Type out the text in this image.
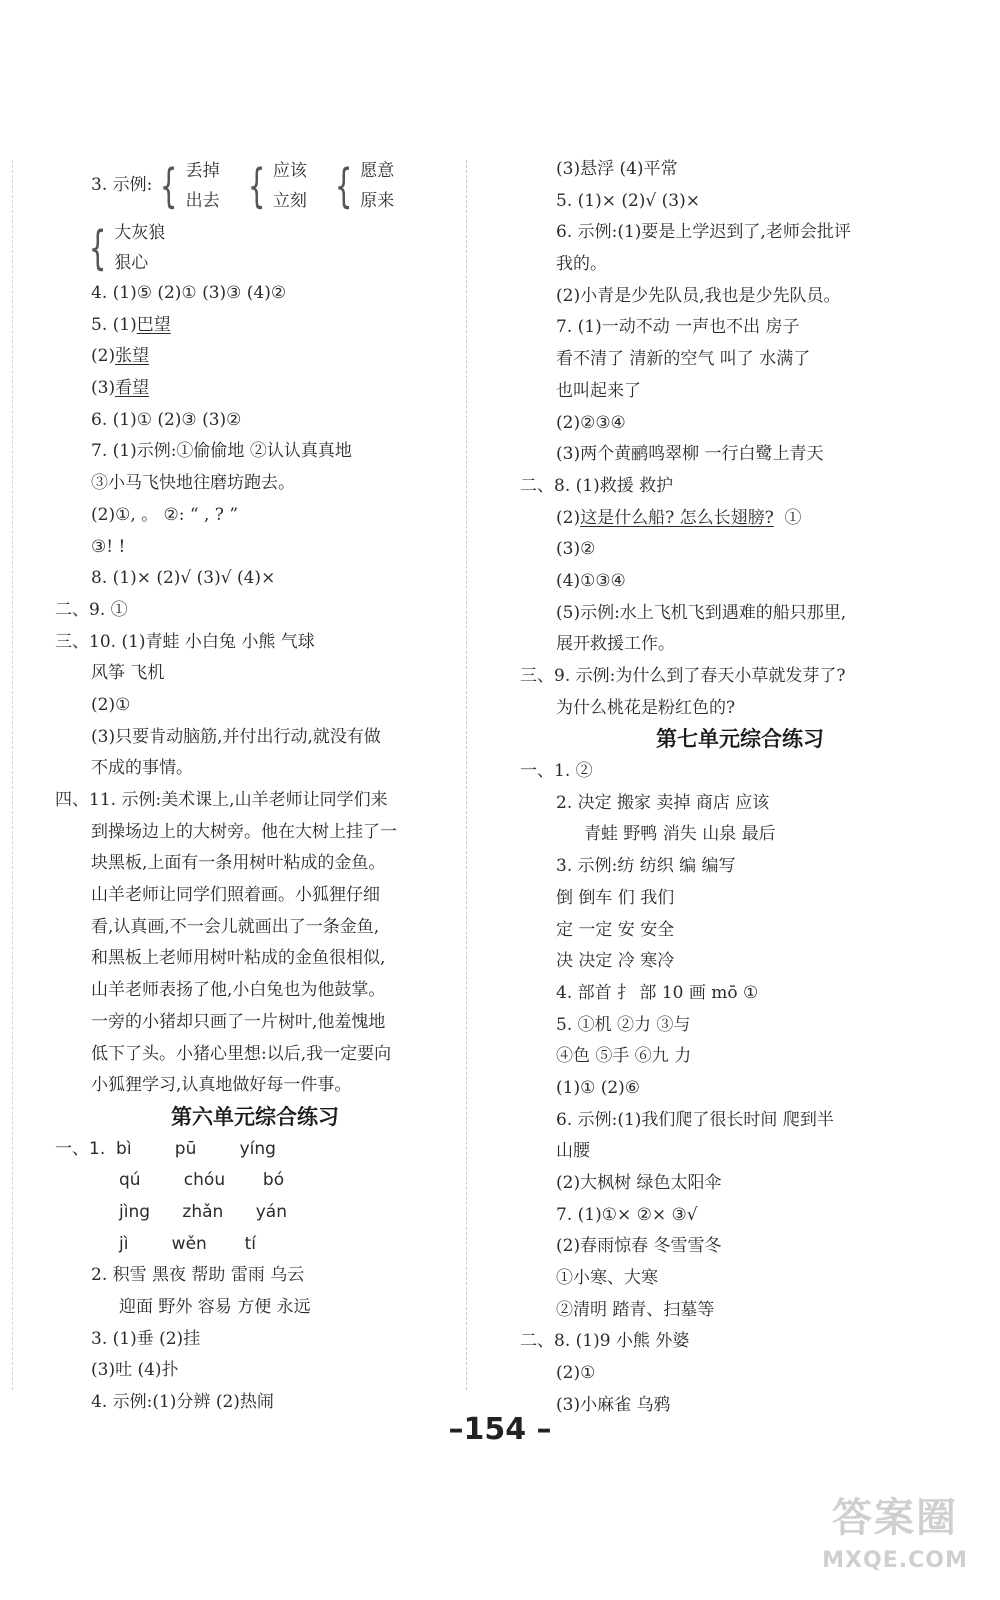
3. 示例: { 丢掉
出去 { 应该
立刻 { 愿意
原来
{ 大灰狼
狠心
4. (1)⑤ (2)① (3)③ (4)②
5. (1)巴望
(2)张望
(3)看望
6. (1)① (2)③ (3)②
7. (1)示例:①偷偷地 ②认认真真地
③小马飞快地往磨坊跑去。
(2)①, 。 ②: “ , ? ”
③! !
8. (1)× (2)√ (3)√ (4)×
二、9. ①
三、10. (1)青蛙 小白兔 小熊 气球
风筝 飞机
(2)①
(3)只要肯动脑筋,并付出行动,就没有做
不成的事情。
四、11. 示例:美术课上,山羊老师让同学们来
到操场边上的大树旁。他在大树上挂了一
块黑板,上面有一条用树叶粘成的金鱼。
山羊老师让同学们照着画。小狐狸仔细
看,认真画,不一会儿就画出了一条金鱼,
和黑板上老师用树叶粘成的金鱼很相似,
山羊老师表扬了他,小白兔也为他鼓掌。
一旁的小猪却只画了一片树叶,他羞愧地
低下了头。小猪心里想:以后,我一定要向
小狐狸学习,认真地做好每一件事。
第六单元综合练习
一、1.  bì        pū        yíng
qú        chóu       bó
jìng      zhǎn      yán
jì        wěn       tí
2. 积雪 黑夜 帮助 雷雨 乌云
迎面 野外 容易 方便 永远
3. (1)垂 (2)挂
(3)吐 (4)扑
4. 示例:(1)分辨 (2)热闹
(3)悬浮 (4)平常
5. (1)× (2)√ (3)×
6. 示例:(1)要是上学迟到了,老师会批评
我的。
(2)小青是少先队员,我也是少先队员。
7. (1)一动不动 一声也不出 房子
看不清了 清新的空气 叫了 水满了
也叫起来了
(2)②③④
(3)两个黄鹂鸣翠柳 一行白鹭上青天
二、8. (1)救援 救护
(2)这是什么船? 怎么长翅膀?  ①
(3)②
(4)①③④
(5)示例:水上飞机飞到遇难的船只那里,
展开救援工作。
三、9. 示例:为什么到了春天小草就发芽了?
为什么桃花是粉红色的?
第七单元综合练习
一、1. ②
2. 决定 搬家 卖掉 商店 应该
青蛙 野鸭 消失 山泉 最后
3. 示例:纺 纺织 编 编写
倒 倒车 们 我们
定 一定 安 安全
决 决定 冷 寒冷
4. 部首 扌 部 10 画 mō ①
5. ①机 ②力 ③与
④色 ⑤手 ⑥九 力
(1)① (2)⑥
6. 示例:(1)我们爬了很长时间 爬到半
山腰
(2)大枫树 绿色太阳伞
7. (1)①× ②× ③√
(2)春雨惊春 冬雪雪冬
①小寒、大寒
②清明 踏青、扫墓等
二、8. (1)9 小熊 外婆
(2)①
(3)小麻雀 乌鸦
–154 –
答案圈
MXQE.COM
